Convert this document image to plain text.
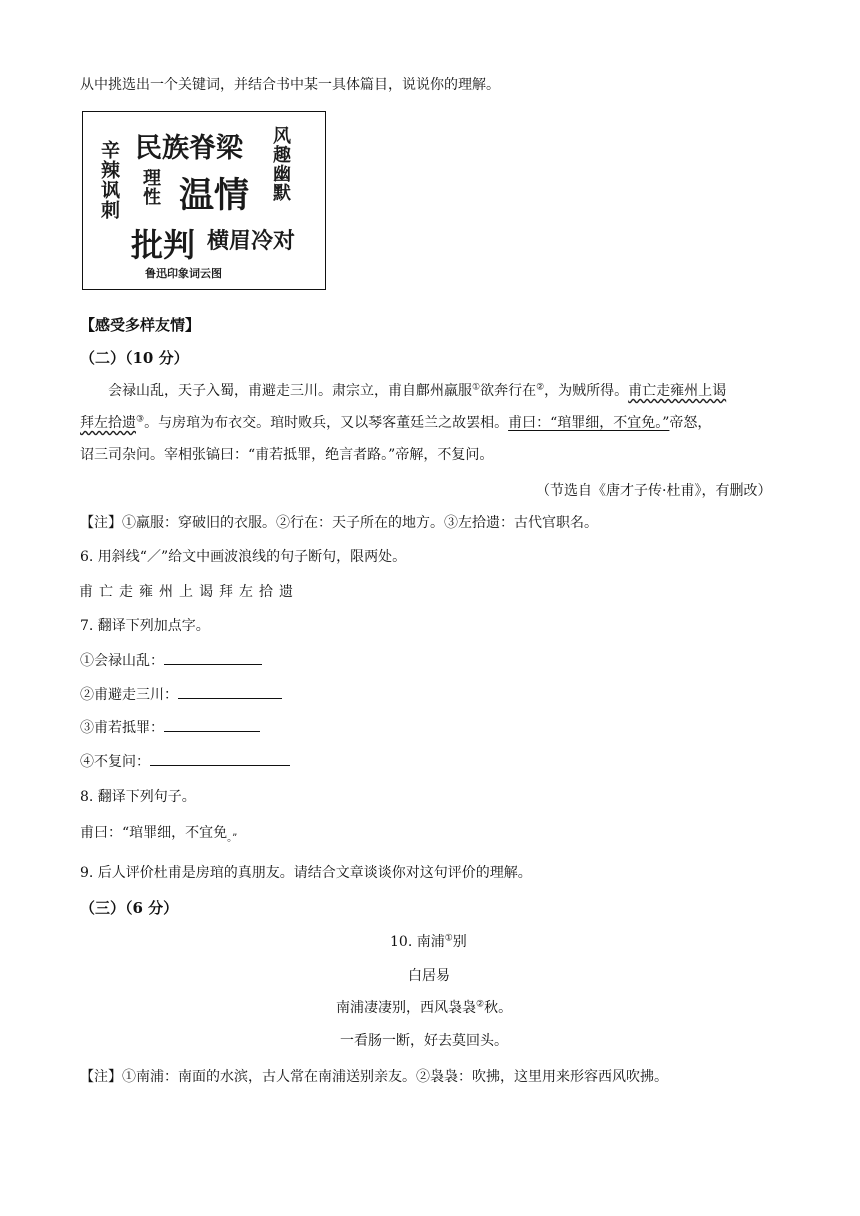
从中挑选出一个关键词，并结合书中某一具体篇目，说说你的理解。
民族脊梁 风趣幽默
辛辣讽刺 理性 温情
批判 横眉冷对
鲁迅印象词云图
【感受多样友情】
（二）（10 分）
会禄山乱，天子入蜀，甫避走三川。肃宗立，甫自鄜州羸服①欲奔行在②，为贼所得。甫亡走雍州上谒
拜左拾遗③。与房琯为布衣交。琯时败兵，又以琴客董廷兰之故罢相。甫曰：“琯罪细，不宜免。”帝怒，
诏三司杂问。宰相张镐曰：“甫若抵罪，绝言者路。”帝解，不复问。
（节选自《唐才子传·杜甫》，有删改）
【注】①羸服：穿破旧的衣服。②行在：天子所在的地方。③左拾遗：古代官职名。
6. 用斜线“／”给文中画波浪线的句子断句，限两处。
甫 亡 走 雍 州 上 谒 拜 左 拾 遗
7. 翻译下列加点字。
①会禄山乱：
②甫避走三川：
③甫若抵罪：
④不复问：
8. 翻译下列句子。
甫曰：“琯罪细，不宜免$_{。”}$
9. 后人评价杜甫是房琯的真朋友。请结合文章谈谈你对这句评价的理解。
（三）（6 分）
10. 南浦①别
白居易
南浦凄凄别，西风袅袅②秋。
一看肠一断，好去莫回头。
【注】①南浦：南面的水滨，古人常在南浦送别亲友。②袅袅：吹拂，这里用来形容西风吹拂。
